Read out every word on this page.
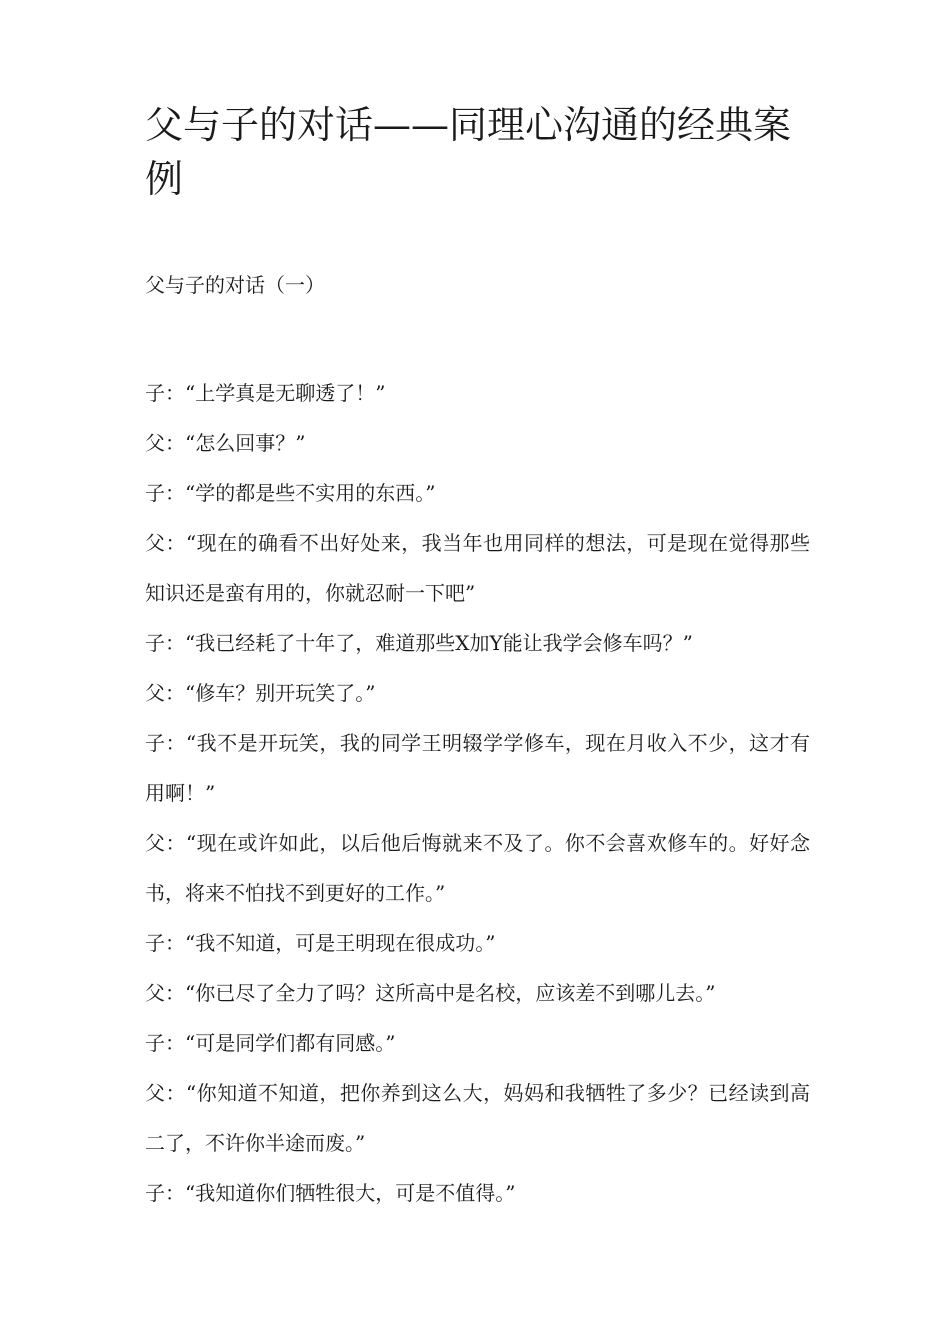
父与子的对话——同理心沟通的经典案例
父与子的对话（一）
子：“上学真是无聊透了！”
父：“怎么回事？”
子：“学的都是些不实用的东西。”
父：“现在的确看不出好处来，我当年也用同样的想法，可是现在觉得那些知识还是蛮有用的，你就忍耐一下吧”
子：“我已经耗了十年了，难道那些X加Y能让我学会修车吗？”
父：“修车？别开玩笑了。”
子：“我不是开玩笑，我的同学王明辍学学修车，现在月收入不少，这才有用啊！”
父：“现在或许如此，以后他后悔就来不及了。你不会喜欢修车的。好好念书，将来不怕找不到更好的工作。”
子：“我不知道，可是王明现在很成功。”
父：“你已尽了全力了吗？这所高中是名校，应该差不到哪儿去。”
子：“可是同学们都有同感。”
父：“你知道不知道，把你养到这么大，妈妈和我牺牲了多少？已经读到高二了，不许你半途而废。”
子：“我知道你们牺牲很大，可是不值得。”
